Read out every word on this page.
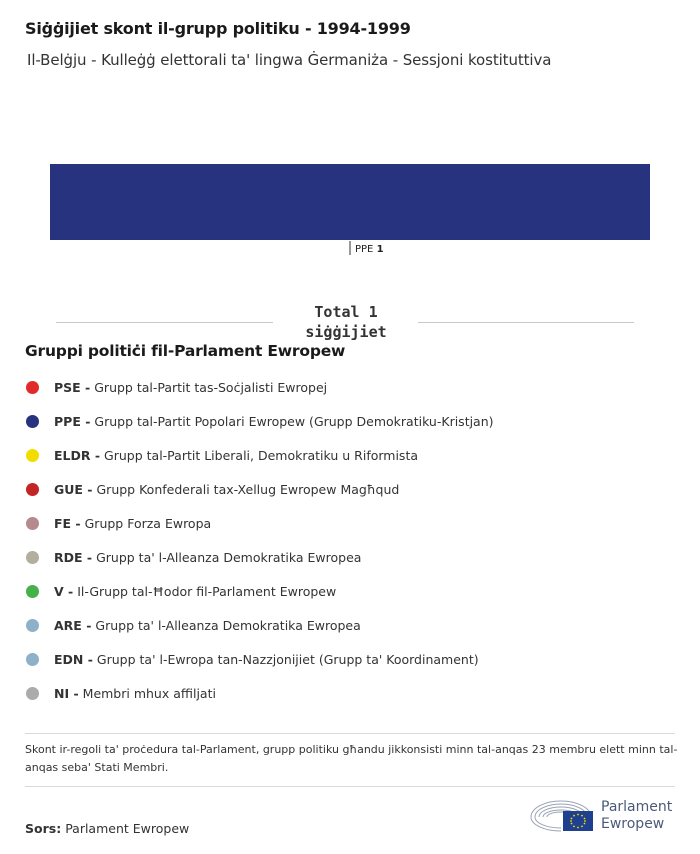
Siġġijiet skont il-grupp politiku - 1994-1999
Il-Belġju - Kulleġġ elettorali ta' lingwa Ġermaniża - Sessjoni kostituttiva
PPE 1
Total 1
siġġijiet
Gruppi politiċi fil-Parlament Ewropew
PSE - Grupp tal-Partit tas-Soċjalisti Ewropej
PPE - Grupp tal-Partit Popolari Ewropew (Grupp Demokratiku-Kristjan)
ELDR - Grupp tal-Partit Liberali, Demokratiku u Riformista
GUE - Grupp Konfederali tax-Xellug Ewropew Magħqud
FE - Grupp Forza Ewropa
RDE - Grupp ta' l-Alleanza Demokratika Ewropea
V - Il-Grupp tal-Ħodor fil-Parlament Ewropew
ARE - Grupp ta' l-Alleanza Demokratika Ewropea
EDN - Grupp ta' l-Ewropa tan-Nazzjonijiet (Grupp ta' Koordinament)
NI - Membri mhux affiljati
Skont ir-regoli ta' proċedura tal-Parlament, grupp politiku għandu jikkonsisti minn tal-anqas 23 membru elett minn tal-anqas seba' Stati Membri.
Sors: Parlament Ewropew
Parlament
Ewropew
